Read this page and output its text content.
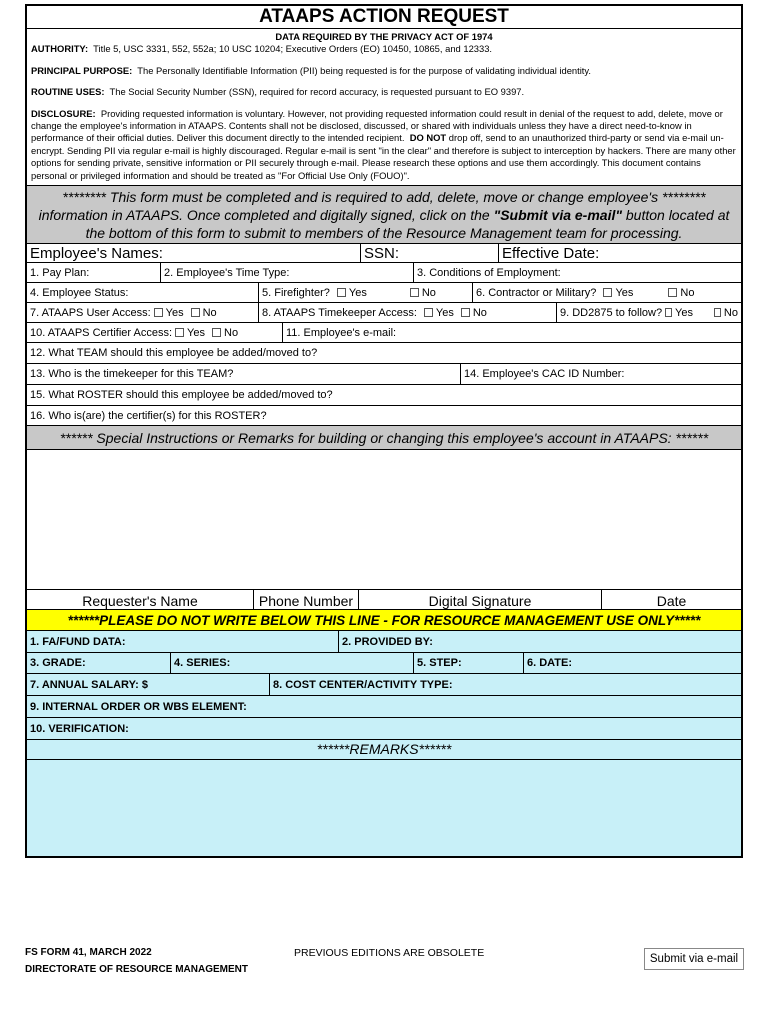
ATAAPS ACTION REQUEST

DATA REQUIRED BY THE PRIVACY ACT OF 1974

AUTHORITY: Title 5, USC 3331, 552, 552a; 10 USC 10204; Executive Orders (EO) 10450, 10865, and 12333.

PRINCIPAL PURPOSE: The Personally Identifiable Information (PII) being requested is for the purpose of validating individual identity.

ROUTINE USES: The Social Security Number (SSN), required for record accuracy, is requested pursuant to EO 9397.

DISCLOSURE: Providing requested information is voluntary. However, not providing requested information could result in denial of the request to add, delete, move or change the employee's information in ATAAPS. Contents shall not be disclosed, discussed, or shared with individuals unless they have a direct need-to-know in performance of their official duties. Deliver this document directly to the intended recipient. DO NOT drop off, send to an unauthorized third-party or send via e-mail un-encrypt. Sending PII via regular e-mail is highly discouraged. Regular e-mail is sent "in the clear" and therefore is subject to interception by hackers. There are many other options for sending private, sensitive information or PII securely through e-mail. Please research these options and use them accordingly. This document contains personal or privileged information and should be treated as "For Official Use Only (FOUO)".

******** This form must be completed and is required to add, delete, move or change employee's ******** information in ATAAPS. Once completed and digitally signed, click on the "Submit via e-mail" button located at the bottom of this form to submit to members of the Resource Management team for processing.
Employee's Names:	SSN:	Effective Date:
1. Pay Plan:	2. Employee's Time Type:	3. Conditions of Employment:
4. Employee Status:	5. Firefighter? Yes	No	6. Contractor or Military? Yes	No
7. ATAAPS User Access: Yes No	8. ATAAPS Timekeeper Access: Yes No	9. DD2875 to follow? Yes	No
10. ATAAPS Certifier Access: Yes No	11. Employee's e-mail:
12. What TEAM should this employee be added/moved to?
13. Who is the timekeeper for this TEAM?	14. Employee's CAC ID Number:
15. What ROSTER should this employee be added/moved to?
16. Who is(are) the certifier(s) for this ROSTER?
****** Special Instructions or Remarks for building or changing this employee's account in ATAAPS: ******
Requester's Name	Phone Number	Digital Signature	Date
******PLEASE DO NOT WRITE BELOW THIS LINE - FOR RESOURCE MANAGEMENT USE ONLY*****
1. FA/FUND DATA:	2. PROVIDED BY:
3. GRADE:	4. SERIES:	5. STEP:	6. DATE:
7. ANNUAL SALARY: $	8. COST CENTER/ACTIVITY TYPE:
9. INTERNAL ORDER OR WBS ELEMENT:
10. VERIFICATION:
******REMARKS******
FS FORM 41, MARCH 2022
DIRECTORATE OF RESOURCE MANAGEMENT
PREVIOUS EDITIONS ARE OBSOLETE	Submit via e-mail
